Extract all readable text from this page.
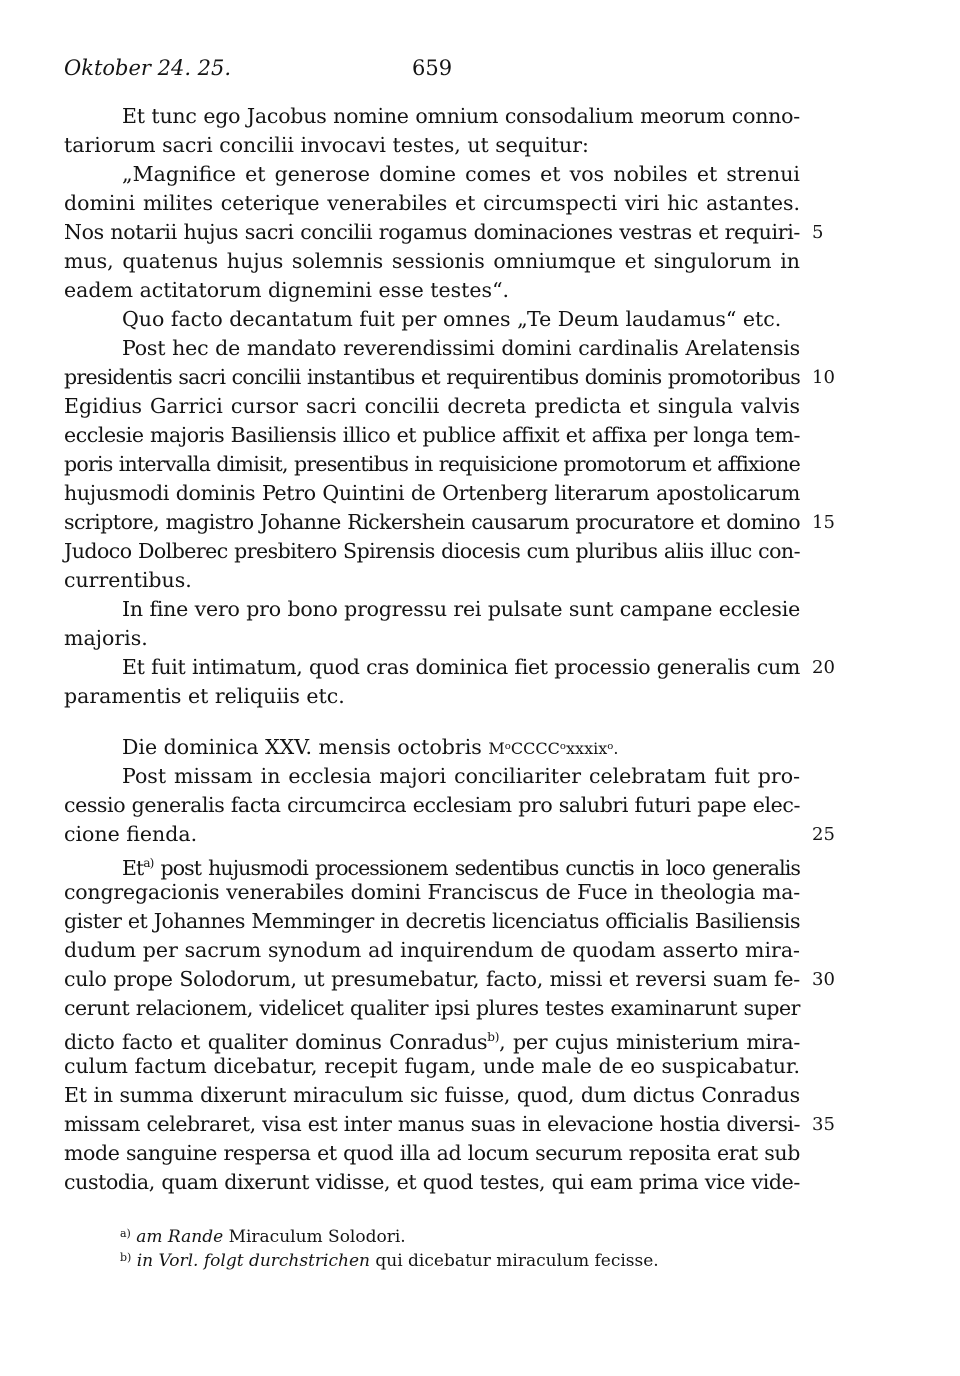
Oktober 24. 25.	659
Et tunc ego Jacobus nomine omnium consodalium meorum conno-
tariorum sacri concilii invocavi testes, ut sequitur:
„Magnifice et generose domine comes et vos nobiles et strenui
domini milites ceterique venerabiles et circumspecti viri hic astantes.
Nos notarii hujus sacri concilii rogamus dominaciones vestras et requiri-
mus, quatenus hujus solemnis sessionis omniumque et singulorum in
eadem actitatorum dignemini esse testes“.
Quo facto decantatum fuit per omnes „Te Deum laudamus“ etc.
Post hec de mandato reverendissimi domini cardinalis Arelatensis
presidentis sacri concilii instantibus et requirentibus dominis promotoribus
Egidius Garrici cursor sacri concilii decreta predicta et singula valvis
ecclesie majoris Basiliensis illico et publice affixit et affixa per longa tem-
poris intervalla dimisit, presentibus in requisicione promotorum et affixione
hujusmodi dominis Petro Quintini de Ortenberg literarum apostolicarum
scriptore, magistro Johanne Rickershein causarum procuratore et domino
Judoco Dolberec presbitero Spirensis diocesis cum pluribus aliis illuc con-
currentibus.
In fine vero pro bono progressu rei pulsate sunt campane ecclesie
majoris.
Et fuit intimatum, quod cras dominica fiet processio generalis cum
paramentis et reliquiis etc.
Post missam in ecclesia majori conciliariter celebratam fuit pro-
cessio generalis facta circumcirca ecclesiam pro salubri futuri pape elec-
cione fienda.
Et$^{a)}$ post hujusmodi processionem sedentibus cunctis in loco generalis
congregacionis venerabiles domini Franciscus de Fuce in theologia ma-
gister et Johannes Memminger in decretis licenciatus officialis Basiliensis
dudum per sacrum synodum ad inquirendum de quodam asserto mira-
culo prope Solodorum, ut presumebatur, facto, missi et reversi suam fe-
cerunt relacionem, videlicet qualiter ipsi plures testes examinarunt super
dicto facto et qualiter dominus Conradus$^{b)}$, per cujus ministerium mira-
culum factum dicebatur, recepit fugam, unde male de eo suspicabatur.
Et in summa dixerunt miraculum sic fuisse, quod, dum dictus Conradus
missam celebraret, visa est inter manus suas in elevacione hostia diversi-
mode sanguine respersa et quod illa ad locum securum reposita erat sub
custodia, quam dixerunt vidisse, et quod testes, qui eam prima vice vide-
Die dominica XXV. mensis octobris MᵒCCCCᵒxxxixᵒ.
5
10
15
20
25
30
35
$^{a)}$ am Rande Miraculum Solodori.
$^{b)}$ in Vorl. folgt durchstrichen qui dicebatur miraculum fecisse.
